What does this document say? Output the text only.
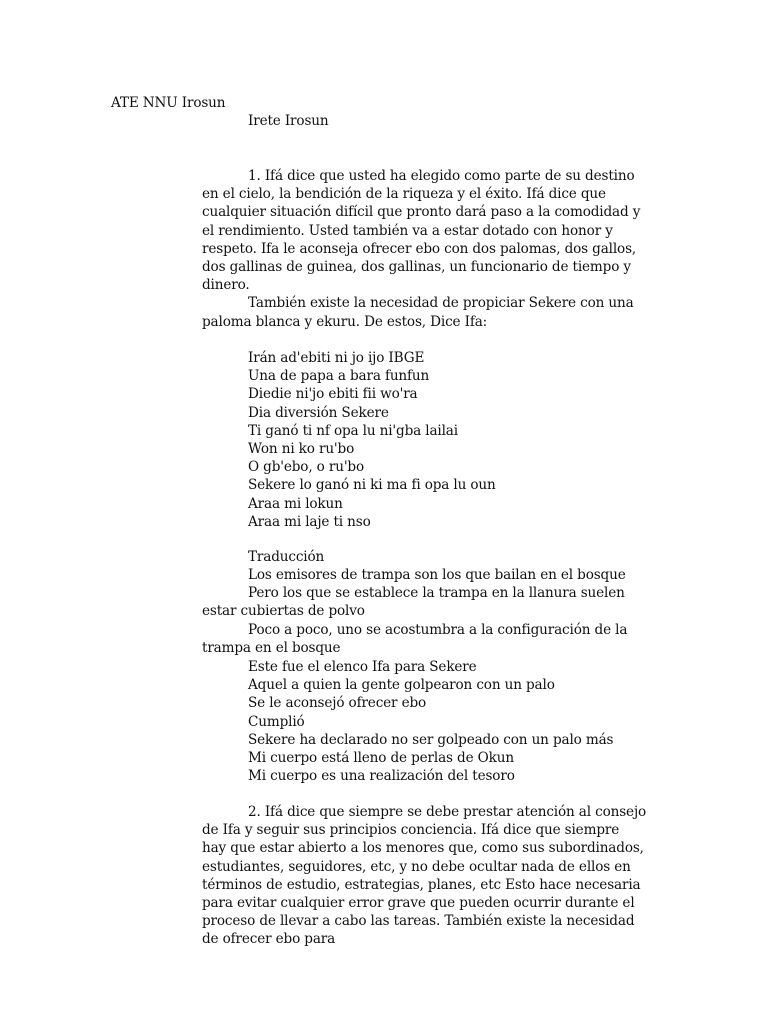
ATE NNU Irosun
Irete Irosun

1. Ifá dice que usted ha elegido como parte de su destino en el cielo, la bendición de la riqueza y el éxito. Ifá dice que cualquier situación difícil que pronto dará paso a la comodidad y el rendimiento. Usted también va a estar dotado con honor y respeto. Ifa le aconseja ofrecer ebo con dos palomas, dos gallos, dos gallinas de guinea, dos gallinas, un funcionario de tiempo y dinero.

También existe la necesidad de propiciar Sekere con una paloma blanca y ekuru. De estos, Dice Ifa:

Irán ad'ebiti ni jo ijo IBGE
Una de papa a bara funfun
Diedie ni'jo ebiti fii wo'ra
Dia diversión Sekere
Ti ganó ti nf opa lu ni'gba lailai
Won ni ko ru'bo
O gb'ebo, o ru'bo
Sekere lo ganó ni ki ma fi opa lu oun
Araa mi lokun
Araa mi laje ti nso
Traducción
Los emisores de trampa son los que bailan en el bosque

Pero los que se establece la trampa en la llanura suelen estar cubiertas de polvo

Poco a poco, uno se acostumbra a la configuración de la trampa en el bosque

Este fue el elenco Ifa para Sekere
Aquel a quien la gente golpearon con un palo
Se le aconsejó ofrecer ebo
Cumplió
Sekere ha declarado no ser golpeado con un palo más
Mi cuerpo está lleno de perlas de Okun
Mi cuerpo es una realización del tesoro

2. Ifá dice que siempre se debe prestar atención al consejo de Ifa y seguir sus principios conciencia. Ifá dice que siempre hay que estar abierto a los menores que, como sus subordinados, estudiantes, seguidores, etc, y no debe ocultar nada de ellos en términos de estudio, estrategias, planes, etc Esto hace necesaria para evitar cualquier error grave que pueden ocurrir durante el proceso de llevar a cabo las tareas. También existe la necesidad de ofrecer ebo para
